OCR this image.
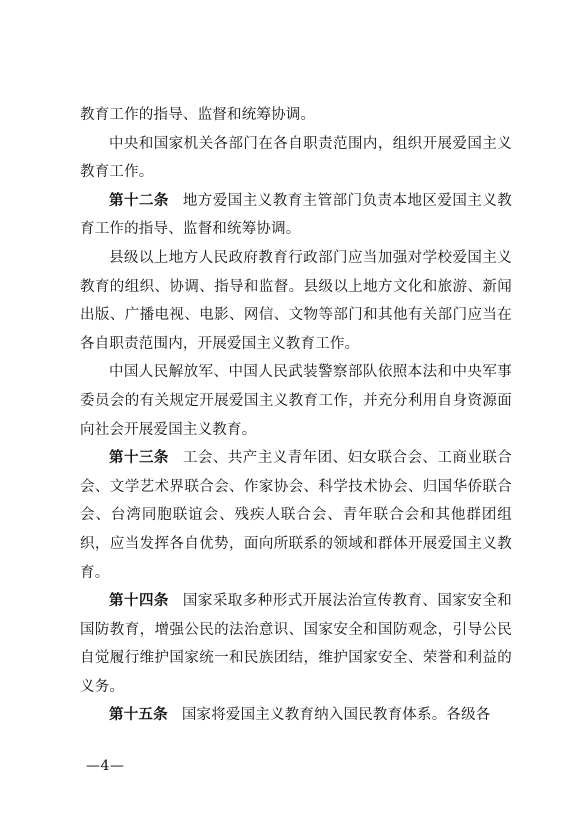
教育工作的指导、监督和统筹协调。

中央和国家机关各部门在各自职责范围内，组织开展爱国主义教育工作。

第十二条 地方爱国主义教育主管部门负责本地区爱国主义教育工作的指导、监督和统筹协调。

县级以上地方人民政府教育行政部门应当加强对学校爱国主义教育的组织、协调、指导和监督。县级以上地方文化和旅游、新闻出版、广播电视、电影、网信、文物等部门和其他有关部门应当在各自职责范围内，开展爱国主义教育工作。

中国人民解放军、中国人民武装警察部队依照本法和中央军事委员会的有关规定开展爱国主义教育工作，并充分利用自身资源面向社会开展爱国主义教育。

第十三条 工会、共产主义青年团、妇女联合会、工商业联合会、文学艺术界联合会、作家协会、科学技术协会、归国华侨联合会、台湾同胞联谊会、残疾人联合会、青年联合会和其他群团组织，应当发挥各自优势，面向所联系的领域和群体开展爱国主义教育。

第十四条 国家采取多种形式开展法治宣传教育、国家安全和国防教育，增强公民的法治意识、国家安全和国防观念，引导公民自觉履行维护国家统一和民族团结，维护国家安全、荣誉和利益的义务。

第十五条 国家将爱国主义教育纳入国民教育体系。各级各

—4—
